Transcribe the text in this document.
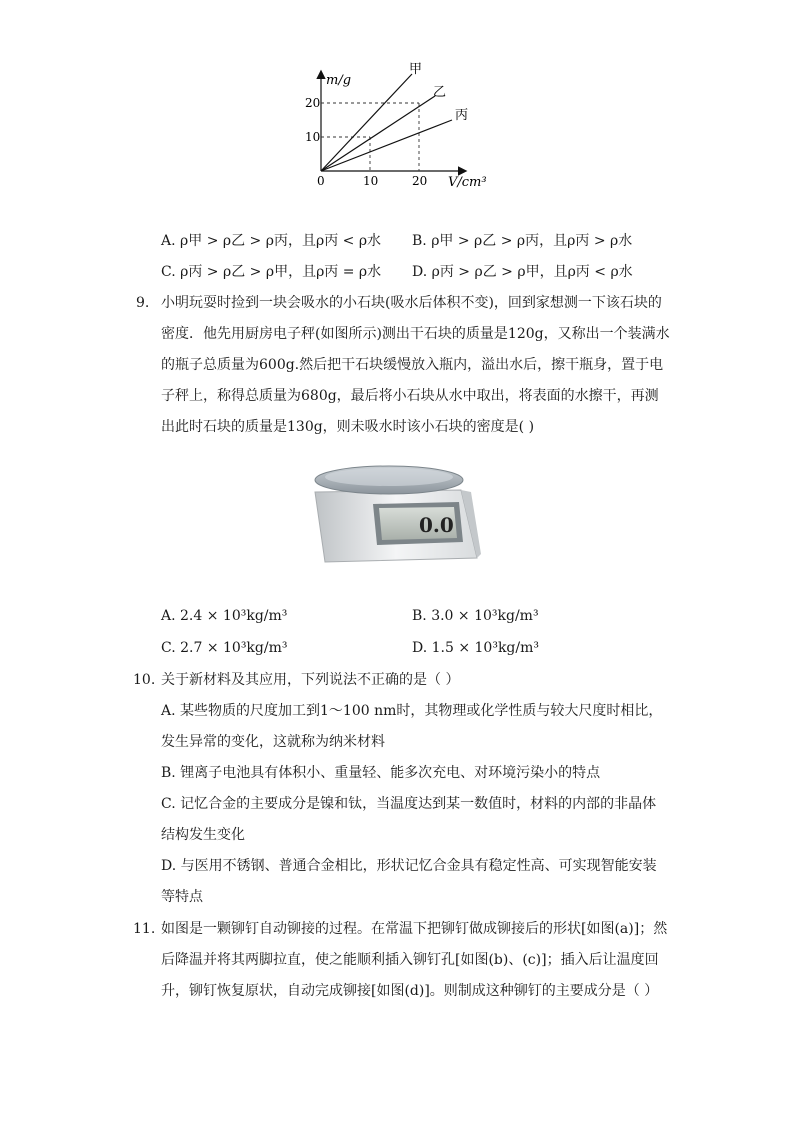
m/g
V/cm³
0	10	20
10
20
甲
乙
丙
A. ρ甲 > ρ乙 > ρ丙，且ρ丙 < ρ水 B. ρ甲 > ρ乙 > ρ丙，且ρ丙 > ρ水
C. ρ丙 > ρ乙 > ρ甲，且ρ丙 = ρ水 D. ρ丙 > ρ乙 > ρ甲，且ρ丙 < ρ水
9. 小明玩耍时捡到一块会吸水的小石块(吸水后体积不变)，回到家想测一下该石块的
密度．他先用厨房电子秤(如图所示)测出干石块的质量是120g，又称出一个装满水
的瓶子总质量为600g.然后把干石块缓慢放入瓶内，溢出水后，擦干瓶身，置于电
子秤上，称得总质量为680g，最后将小石块从水中取出，将表面的水擦干，再测
出此时石块的质量是130g，则未吸水时该小石块的密度是( )
0.0
A. 2.4 × 10³kg/m³	B. 3.0 × 10³kg/m³
C. 2.7 × 10³kg/m³	D. 1.5 × 10³kg/m³
10. 关于新材料及其应用，下列说法不正确的是（ ）
A. 某些物质的尺度加工到1～100 nm时，其物理或化学性质与较大尺度时相比，
发生异常的变化，这就称为纳米材料
B. 锂离子电池具有体积小、重量轻、能多次充电、对环境污染小的特点
C. 记忆合金的主要成分是镍和钛，当温度达到某一数值时，材料的内部的非晶体
结构发生变化
D. 与医用不锈钢、普通合金相比，形状记忆合金具有稳定性高、可实现智能安装
等特点
11. 如图是一颗铆钉自动铆接的过程。在常温下把铆钉做成铆接后的形状[如图(a)]；然
后降温并将其两脚拉直，使之能顺利插入铆钉孔[如图(b)、(c)]；插入后让温度回
升，铆钉恢复原状，自动完成铆接[如图(d)]。则制成这种铆钉的主要成分是（ ）
